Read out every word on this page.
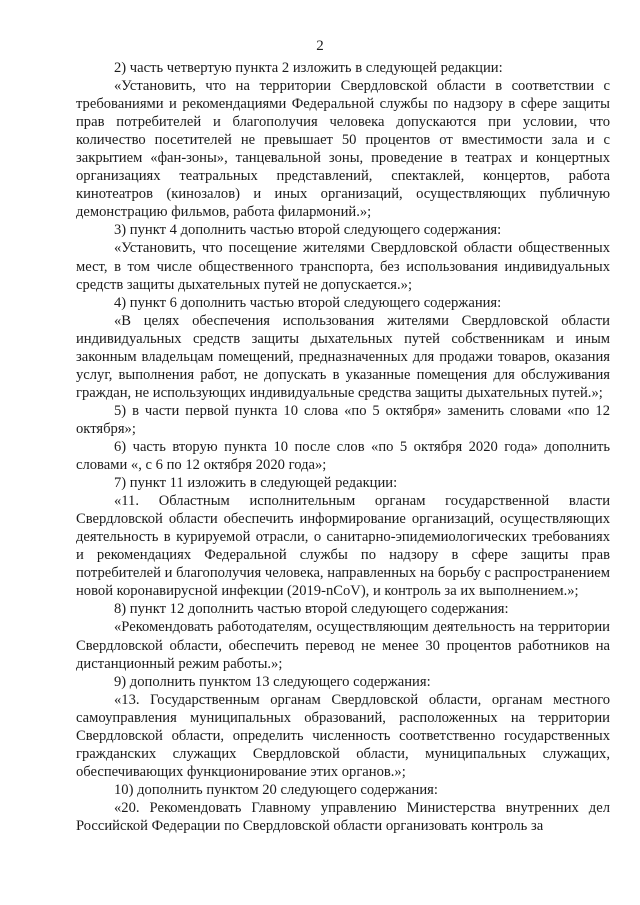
2

2) часть четвертую пункта 2 изложить в следующей редакции:

«Установить, что на территории Свердловской области в соответствии с требованиями и рекомендациями Федеральной службы по надзору в сфере защиты прав потребителей и благополучия человека допускаются при условии, что количество посетителей не превышает 50 процентов от вместимости зала и с закрытием «фан-зоны», танцевальной зоны, проведение в театрах и концертных организациях театральных представлений, спектаклей, концертов, работа кинотеатров (кинозалов) и иных организаций, осуществляющих публичную демонстрацию фильмов, работа филармоний.»;

3) пункт 4 дополнить частью второй следующего содержания:

«Установить, что посещение жителями Свердловской области общественных мест, в том числе общественного транспорта, без использования индивидуальных средств защиты дыхательных путей не допускается.»;

4) пункт 6 дополнить частью второй следующего содержания:

«В целях обеспечения использования жителями Свердловской области индивидуальных средств защиты дыхательных путей собственникам и иным законным владельцам помещений, предназначенных для продажи товаров, оказания услуг, выполнения работ, не допускать в указанные помещения для обслуживания граждан, не использующих индивидуальные средства защиты дыхательных путей.»;

5) в части первой пункта 10 слова «по 5 октября» заменить словами «по 12 октября»;

6) часть вторую пункта 10 после слов «по 5 октября 2020 года» дополнить словами «, с 6 по 12 октября 2020 года»;

7) пункт 11 изложить в следующей редакции:

«11. Областным исполнительным органам государственной власти Свердловской области обеспечить информирование организаций, осуществляющих деятельность в курируемой отрасли, о санитарно-эпидемиологических требованиях и рекомендациях Федеральной службы по надзору в сфере защиты прав потребителей и благополучия человека, направленных на борьбу с распространением новой коронавирусной инфекции (2019-nCoV), и контроль за их выполнением.»;

8) пункт 12 дополнить частью второй следующего содержания:

«Рекомендовать работодателям, осуществляющим деятельность на территории Свердловской области, обеспечить перевод не менее 30 процентов работников на дистанционный режим работы.»;

9) дополнить пунктом 13 следующего содержания:

«13. Государственным органам Свердловской области, органам местного самоуправления муниципальных образований, расположенных на территории Свердловской области, определить численность соответственно государственных гражданских служащих Свердловской области, муниципальных служащих, обеспечивающих функционирование этих органов.»;

10) дополнить пунктом 20 следующего содержания:

«20. Рекомендовать Главному управлению Министерства внутренних дел Российской Федерации по Свердловской области организовать контроль за
